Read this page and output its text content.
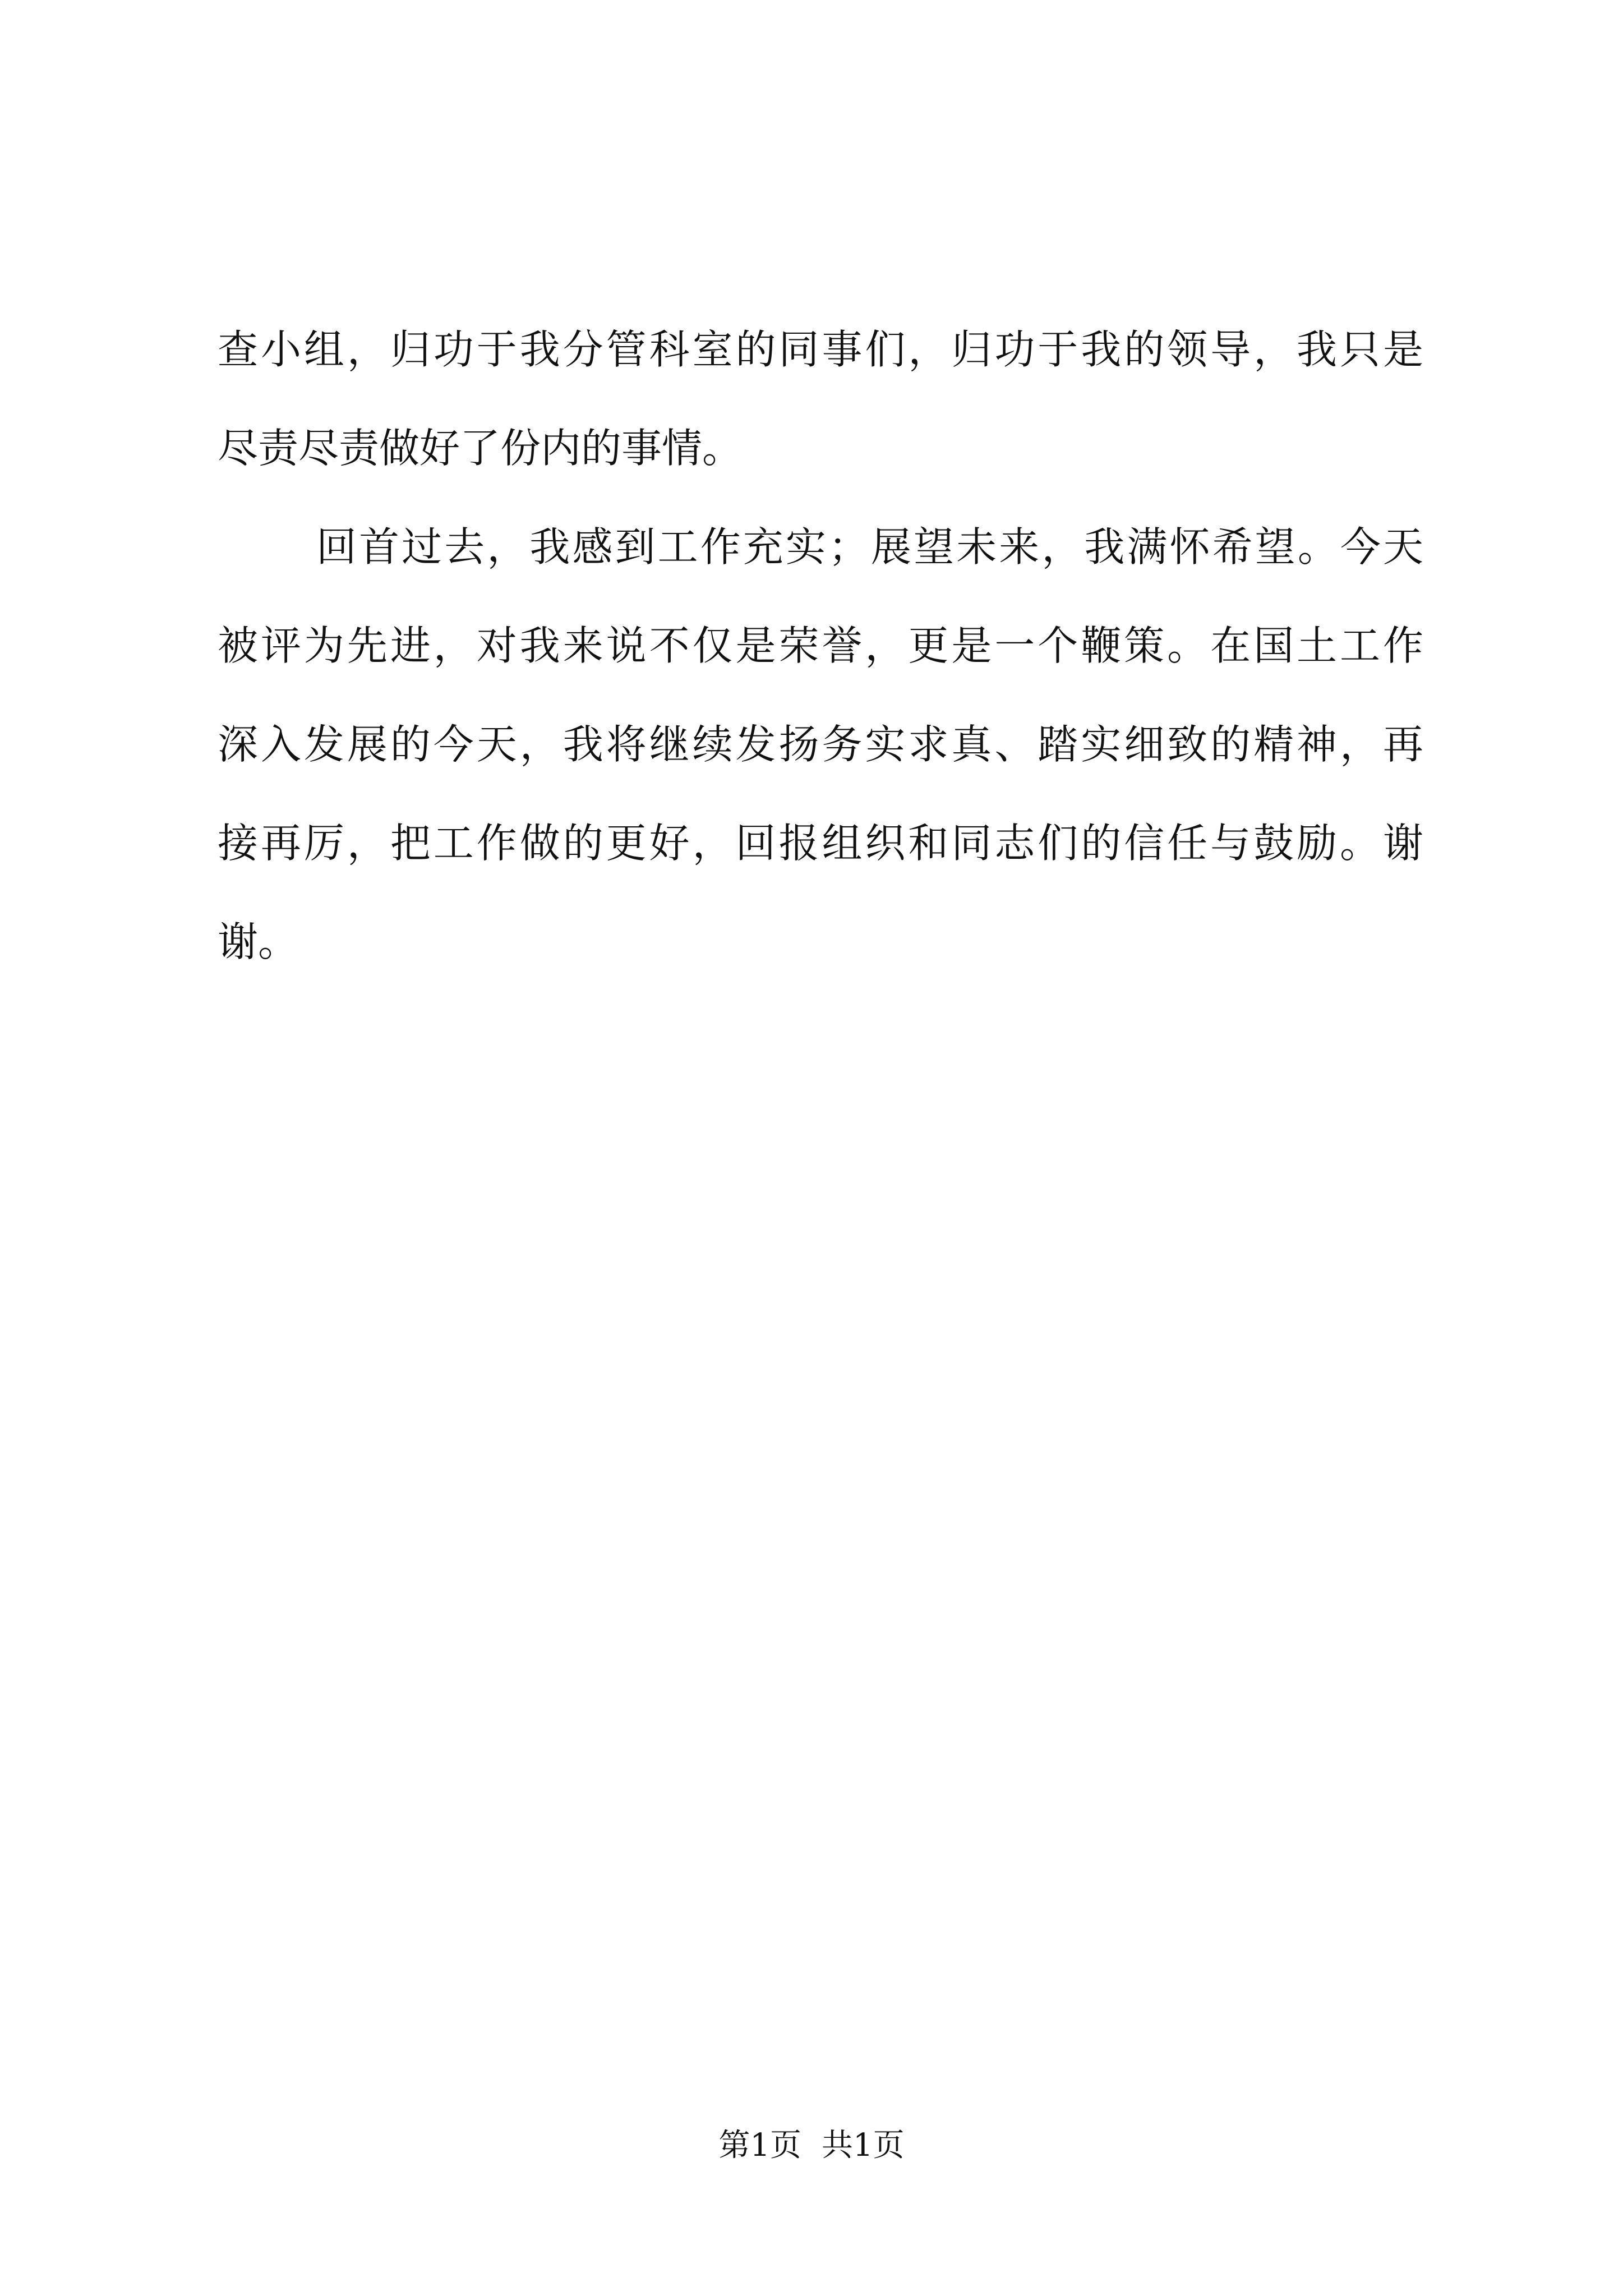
查小组，归功于我分管科室的同事们，归功于我的领导，我只是
尽责尽责做好了份内的事情。
回首过去，我感到工作充实；展望未来，我满怀希望。今天
被评为先进，对我来说不仅是荣誉，更是一个鞭策。在国土工作
深入发展的今天，我将继续发扬务实求真、踏实细致的精神，再
接再厉，把工作做的更好，回报组织和同志们的信任与鼓励。谢
谢。
第1页 共1页
